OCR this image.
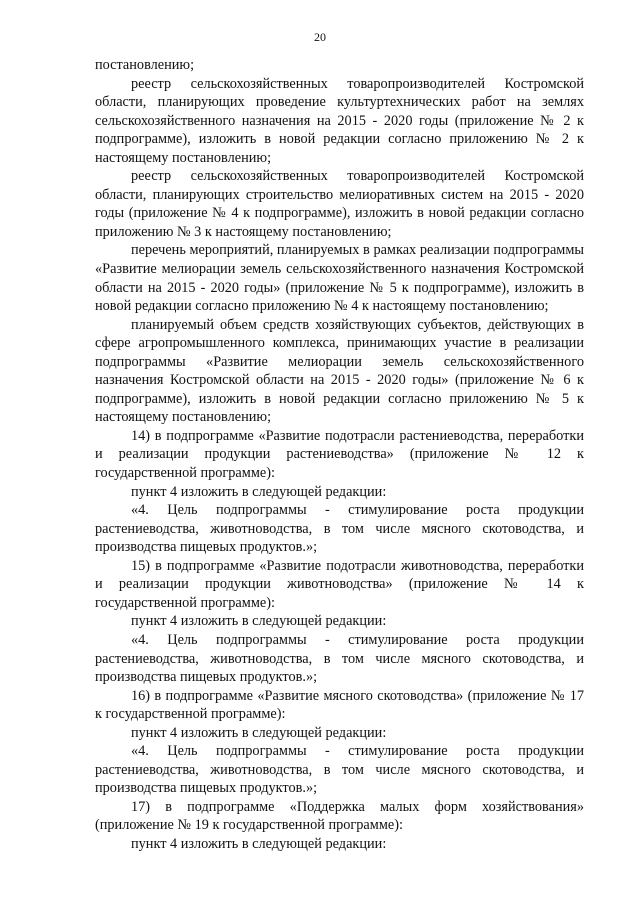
20

постановлению;

реестр сельскохозяйственных товаропроизводителей Костромской области, планирующих проведение культуртехнических работ на землях сельскохозяйственного назначения на 2015 - 2020 годы (приложение № 2 к подпрограмме), изложить в новой редакции согласно приложению № 2 к настоящему постановлению;

реестр сельскохозяйственных товаропроизводителей Костромской области, планирующих строительство мелиоративных систем на 2015 - 2020 годы (приложение № 4 к подпрограмме), изложить в новой редакции согласно приложению № 3 к настоящему постановлению;

перечень мероприятий, планируемых в рамках реализации подпрограммы «Развитие мелиорации земель сельскохозяйственного назначения Костромской области на 2015 - 2020 годы» (приложение № 5 к подпрограмме), изложить в новой редакции согласно приложению № 4 к настоящему постановлению;

планируемый объем средств хозяйствующих субъектов, действующих в сфере агропромышленного комплекса, принимающих участие в реализации подпрограммы «Развитие мелиорации земель сельскохозяйственного назначения Костромской области на 2015 - 2020 годы» (приложение № 6 к подпрограмме), изложить в новой редакции согласно приложению № 5 к настоящему постановлению;

14) в подпрограмме «Развитие подотрасли растениеводства, переработки и реализации продукции растениеводства» (приложение № 12 к государственной программе):

пункт 4 изложить в следующей редакции:

«4. Цель подпрограммы - стимулирование роста продукции растениеводства, животноводства, в том числе мясного скотоводства, и производства пищевых продуктов.»;

15) в подпрограмме «Развитие подотрасли животноводства, переработки и реализации продукции животноводства» (приложение № 14 к государственной программе):

пункт 4 изложить в следующей редакции:

«4. Цель подпрограммы - стимулирование роста продукции растениеводства, животноводства, в том числе мясного скотоводства, и производства пищевых продуктов.»;

16) в подпрограмме «Развитие мясного скотоводства» (приложение № 17 к государственной программе):

пункт 4 изложить в следующей редакции:

«4. Цель подпрограммы - стимулирование роста продукции растениеводства, животноводства, в том числе мясного скотоводства, и производства пищевых продуктов.»;

17) в подпрограмме «Поддержка малых форм хозяйствования» (приложение № 19 к государственной программе):

пункт 4 изложить в следующей редакции:
